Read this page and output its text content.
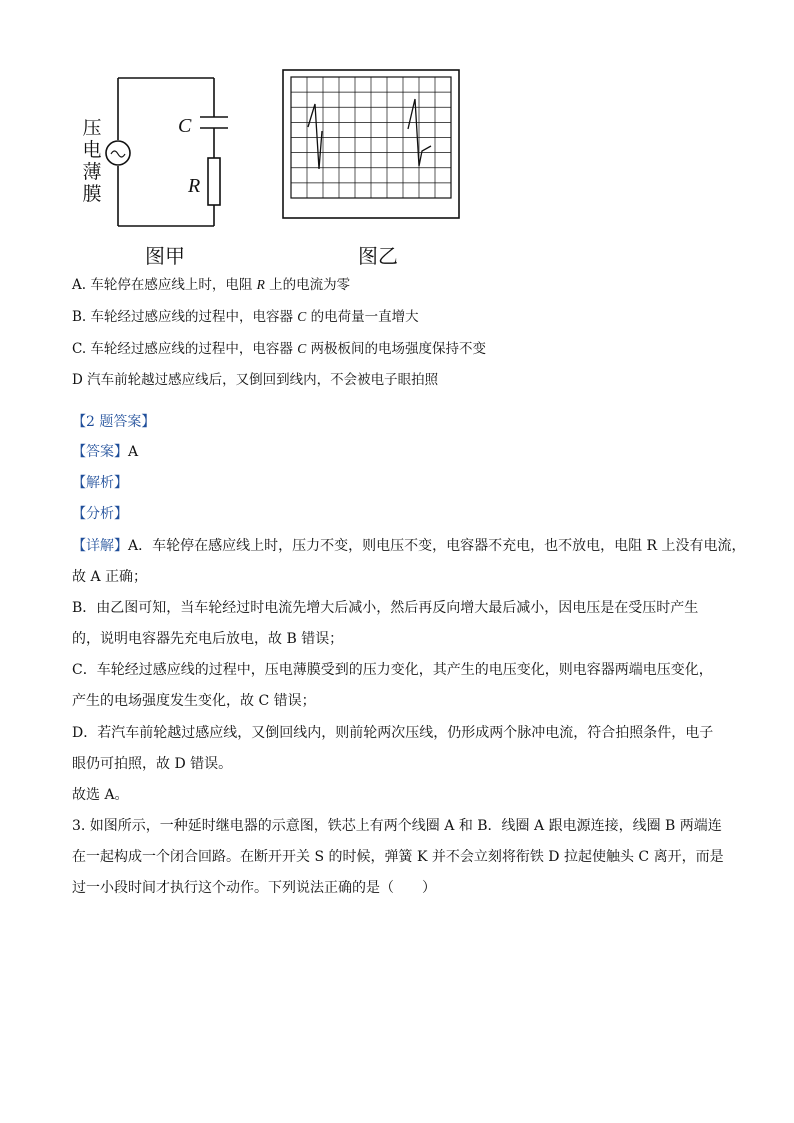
压
电
薄
膜
C
R
图甲	图乙
A. 车轮停在感应线上时，电阻 R 上的电流为零
B. 车轮经过感应线的过程中，电容器 C 的电荷量一直增大
C. 车轮经过感应线的过程中，电容器 C 两极板间的电场强度保持不变
D 汽车前轮越过感应线后，又倒回到线内，不会被电子眼拍照
【2 题答案】
【答案】A
【解析】
【分析】
【详解】A．车轮停在感应线上时，压力不变，则电压不变，电容器不充电，也不放电，电阻 R 上没有电流，
故 A 正确；
B．由乙图可知，当车轮经过时电流先增大后减小，然后再反向增大最后减小，因电压是在受压时产生
的，说明电容器先充电后放电，故 B 错误；
C．车轮经过感应线的过程中，压电薄膜受到的压力变化，其产生的电压变化，则电容器两端电压变化，
产生的电场强度发生变化，故 C 错误；
D．若汽车前轮越过感应线，又倒回线内，则前轮两次压线，仍形成两个脉冲电流，符合拍照条件，电子
眼仍可拍照，故 D 错误。
故选 A。
3. 如图所示，一种延时继电器的示意图，铁芯上有两个线圈 A 和 B．线圈 A 跟电源连接，线圈 B 两端连
在一起构成一个闭合回路。在断开开关 S 的时候，弹簧 K 并不会立刻将衔铁 D 拉起使触头 C 离开，而是
过一小段时间才执行这个动作。下列说法正确的是（　　）
